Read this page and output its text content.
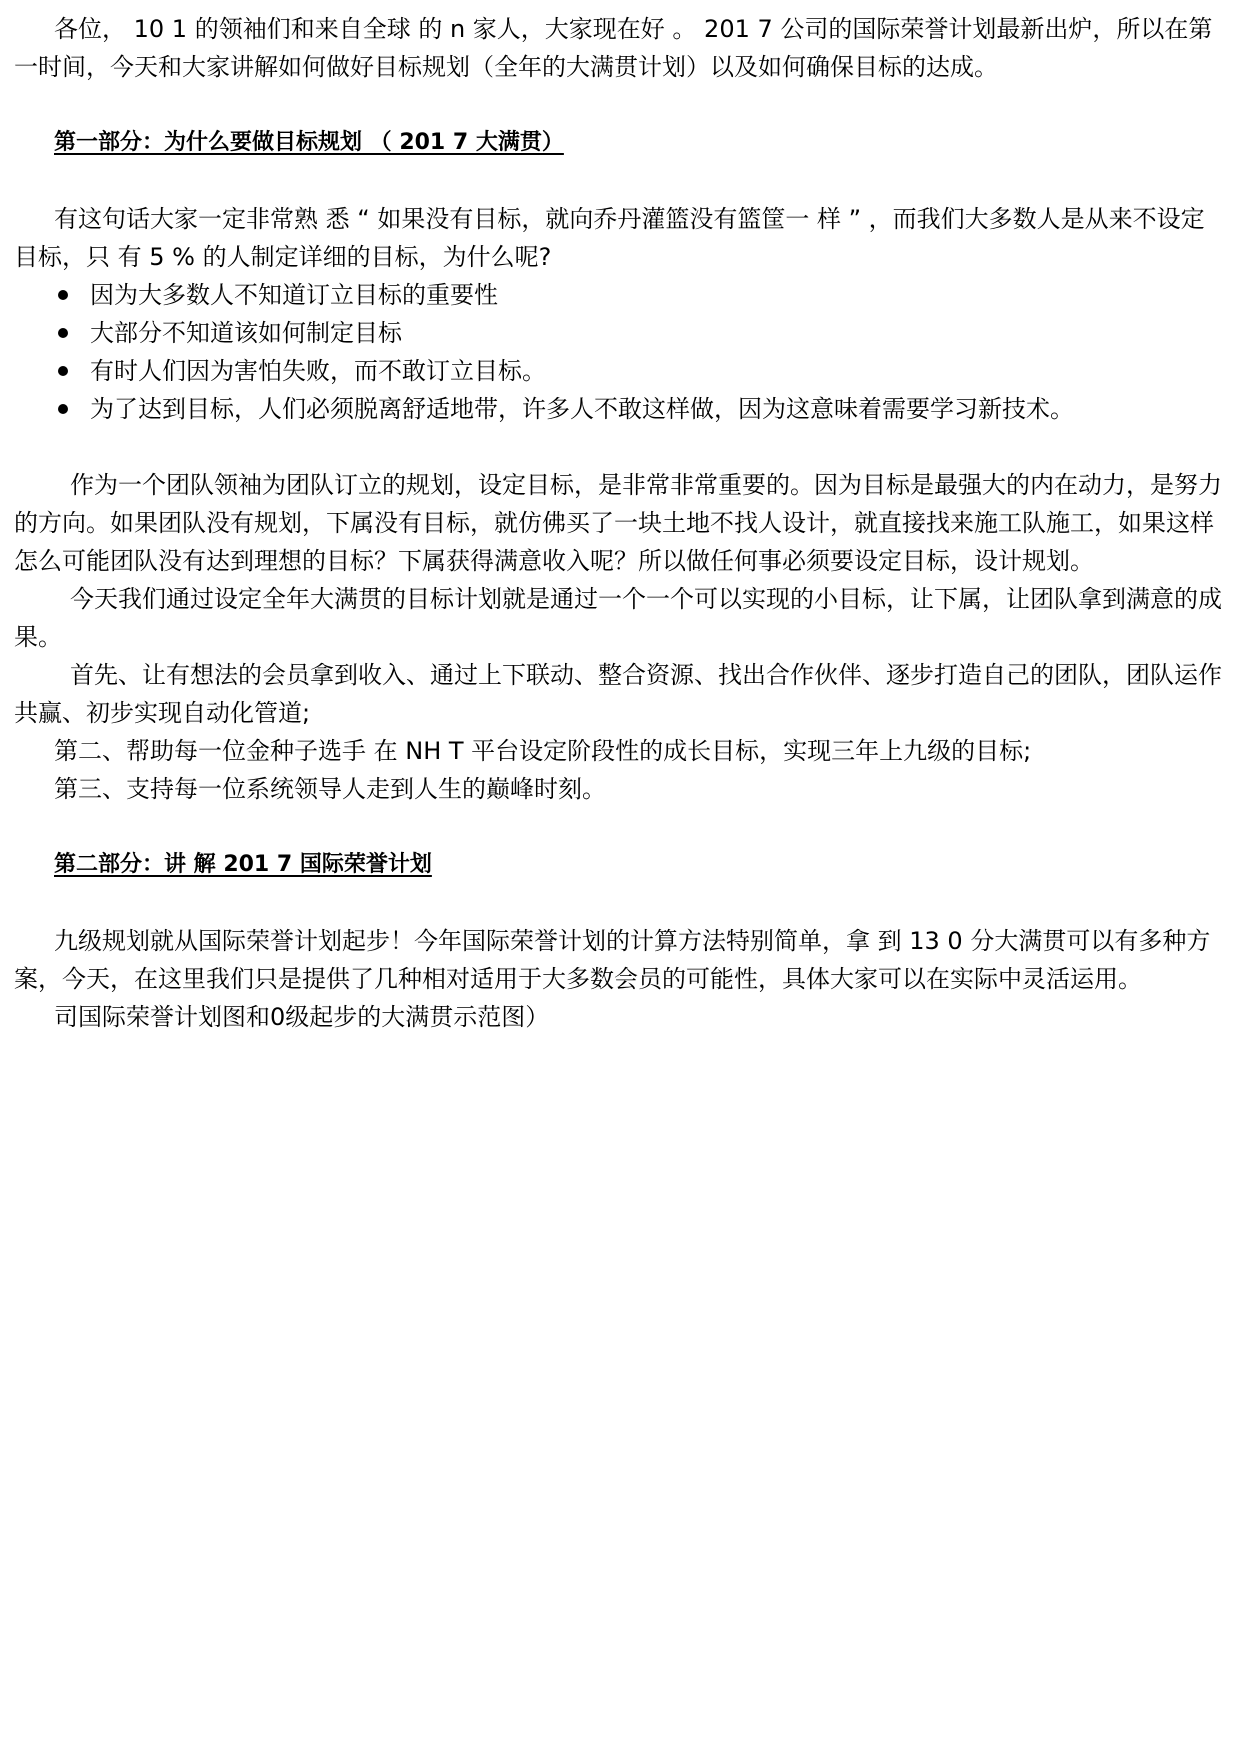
各位， 10 1 的领袖们和来自全球 的 n 家人，大家现在好 。 201 7 公司的国际荣誉计划最新出炉，所以在第一时间，今天和大家讲解如何做好目标规划（全年的大满贯计划）以及如何确保目标的达成。

第一部分：为什么要做目标规划 （ 201 7 大满贯）

有这句话大家一定非常熟 悉 “ 如果没有目标，就向乔丹灌篮没有篮筐一 样 ” ，而我们大多数人是从来不设定目标，只 有 5 % 的人制定详细的目标，为什么呢?

因为大多数人不知道订立目标的重要性
大部分不知道该如何制定目标
有时人们因为害怕失败，而不敢订立目标。
为了达到目标，人们必须脱离舒适地带，许多人不敢这样做，因为这意味着需要学习新技术。

作为一个团队领袖为团队订立的规划，设定目标，是非常非常重要的。因为目标是最强大的内在动力，是努力的方向。如果团队没有规划，下属没有目标，就仿佛买了一块土地不找人设计，就直接找来施工队施工，如果这样怎么可能团队没有达到理想的目标？下属获得满意收入呢？所以做任何事必须要设定目标，设计规划。

今天我们通过设定全年大满贯的目标计划就是通过一个一个可以实现的小目标，让下属，让团队拿到满意的成果。

首先、让有想法的会员拿到收入、通过上下联动、整合资源、找出合作伙伴、逐步打造自己的团队，团队运作共赢、初步实现自动化管道;

第二、帮助每一位金种子选手 在 NH T 平台设定阶段性的成长目标，实现三年上九级的目标;

第三、支持每一位系统领导人走到人生的巅峰时刻。

第二部分：讲 解 201 7 国际荣誉计划

九级规划就从国际荣誉计划起步！今年国际荣誉计划的计算方法特别简单，拿 到 13 0 分大满贯可以有多种方案，今天，在这里我们只是提供了几种相对适用于大多数会员的可能性，具体大家可以在实际中灵活运用。

司国际荣誉计划图和0级起步的大满贯示范图）
